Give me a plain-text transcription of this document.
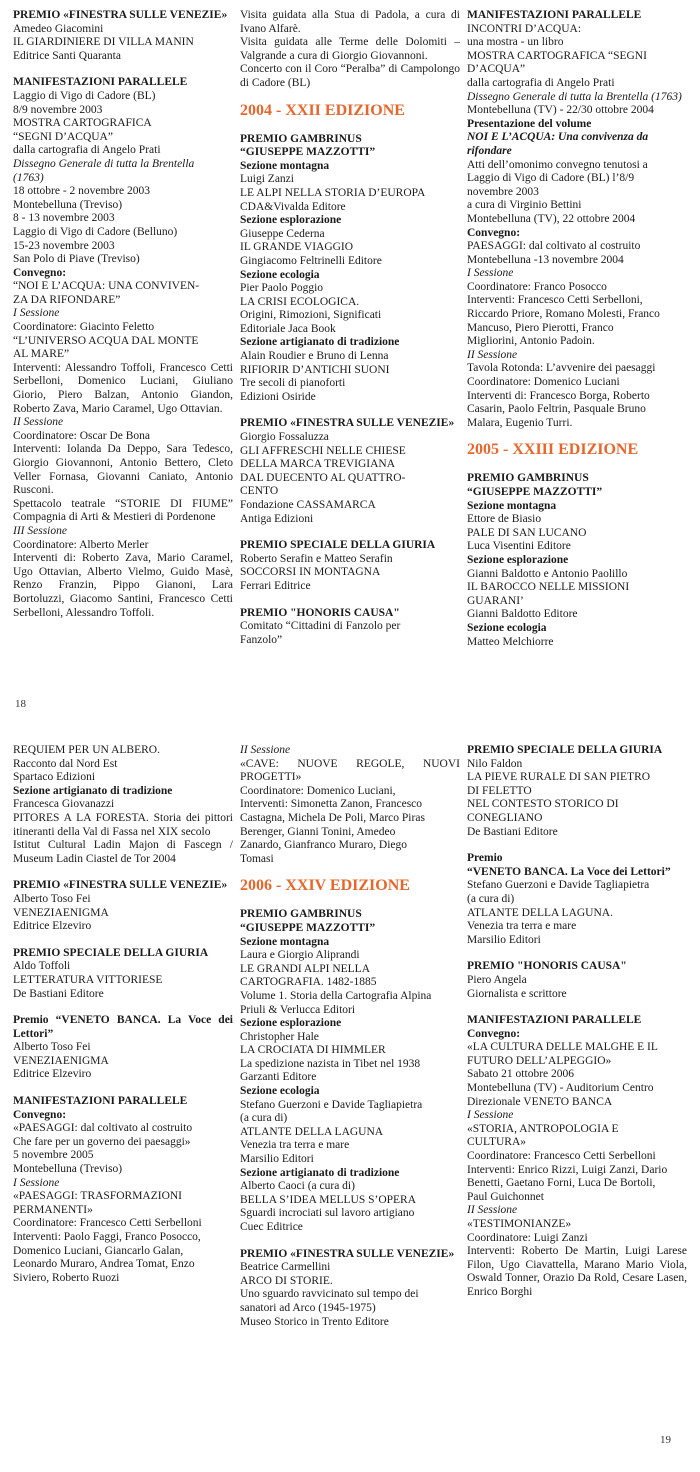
PREMIO «FINESTRA SULLE VENEZIE»
Amedeo Giacomini
IL GIARDINIERE DI VILLA MANIN
Editrice Santi Quaranta
MANIFESTAZIONI PARALLELE
Laggio di Vigo di Cadore (BL)
8/9 novembre 2003
MOSTRA CARTOGRAFICA
“SEGNI D’ACQUA”
dalla cartografia di Angelo Prati
Dissegno Generale di tutta la Brentella
(1763)
18 ottobre - 2 novembre 2003
Montebelluna (Treviso)
8 - 13 novembre 2003
Laggio di Vigo di Cadore (Belluno)
15-23 novembre 2003
San Polo di Piave (Treviso)
Convegno:
“NOI E L’ACQUA: UNA CONVIVEN-
ZA DA RIFONDARE”
I Sessione
Coordinatore: Giacinto Feletto
“L’UNIVERSO ACQUA DAL MONTE
AL MARE”
Interventi: Alessandro Toffoli, Francesco Cetti Serbelloni, Domenico Luciani, Giuliano Giorio, Piero Balzan, Antonio Giandon, Roberto Zava, Mario Caramel, Ugo Ottavian.
II Sessione
Coordinatore: Oscar De Bona
Interventi: Iolanda Da Deppo, Sara Tedesco, Giorgio Giovannoni, Antonio Bettero, Cleto Veller Fornasa, Giovanni Caniato, Antonio Rusconi.
Spettacolo teatrale “STORIE DI FIUME” Compagnia di Arti & Mestieri di Pordenone
III Sessione
Coordinatore: Alberto Merler
Interventi di: Roberto Zava, Mario Caramel, Ugo Ottavian, Alberto Vielmo, Guido Masè, Renzo Franzin, Pippo Gianoni, Lara Bortoluzzi, Giacomo Santini, Francesco Cetti Serbelloni, Alessandro Toffoli.
Visita guidata alla Stua di Padola, a cura di Ivano Alfarè.
Visita guidata alle Terme delle Dolomiti – Valgrande a cura di Giorgio Giovannoni.
Concerto con il Coro “Peralba” di Campolongo di Cadore (BL)
2004 - XXII EDIZIONE
PREMIO GAMBRINUS
“GIUSEPPE MAZZOTTI”
Sezione montagna
Luigi Zanzi
LE ALPI NELLA STORIA D’EUROPA
CDA&Vivalda Editore
Sezione esplorazione
Giuseppe Cederna
IL GRANDE VIAGGIO
Gingiacomo Feltrinelli Editore
Sezione ecologia
Pier Paolo Poggio
LA CRISI ECOLOGICA.
Origini, Rimozioni, Significati
Editoriale Jaca Book
Sezione artigianato di tradizione
Alain Roudier e Bruno di Lenna
RIFIORIR D’ANTICHI SUONI
Tre secoli di pianoforti
Edizioni Osiride
PREMIO «FINESTRA SULLE VENEZIE»
Giorgio Fossaluzza
GLI AFFRESCHI NELLE CHIESE
DELLA MARCA TREVIGIANA
DAL DUECENTO AL QUATTRO-
CENTO
Fondazione CASSAMARCA
Antiga Edizioni
PREMIO SPECIALE DELLA GIURIA
Roberto Serafin e Matteo Serafin
SOCCORSI IN MONTAGNA
Ferrari Editrice
PREMIO "HONORIS CAUSA"
Comitato “Cittadini di Fanzolo per
Fanzolo”
MANIFESTAZIONI PARALLELE
INCONTRI D’ACQUA:
una mostra - un libro
MOSTRA CARTOGRAFICA “SEGNI
D’ACQUA”
dalla cartografia di Angelo Prati
Dissegno Generale di tutta la Brentella (1763)
Montebelluna (TV) - 22/30 ottobre 2004
Presentazione del volume
NOI E L’ACQUA: Una convivenza da
rifondare
Atti dell’omonimo convegno tenutosi a
Laggio di Vigo di Cadore (BL) l’8/9
novembre 2003
a cura di Virginio Bettini
Montebelluna (TV), 22 ottobre 2004
Convegno:
PAESAGGI: dal coltivato al costruito
Montebelluna -13 novembre 2004
I Sessione
Coordinatore: Franco Posocco
Interventi: Francesco Cetti Serbelloni,
Riccardo Priore, Romano Molesti, Franco
Mancuso, Piero Pierotti, Franco
Migliorini, Antonio Padoin.
II Sessione
Tavola Rotonda: L’avvenire dei paesaggi
Coordinatore: Domenico Luciani
Interventi di: Francesco Borga, Roberto
Casarin, Paolo Feltrin, Pasquale Bruno
Malara, Eugenio Turri.
2005 - XXIII EDIZIONE
PREMIO GAMBRINUS
“GIUSEPPE MAZZOTTI”
Sezione montagna
Ettore de Biasio
PALE DI SAN LUCANO
Luca Visentini Editore
Sezione esplorazione
Gianni Baldotto e Antonio Paolillo
IL BAROCCO NELLE MISSIONI
GUARANI’
Gianni Baldotto Editore
Sezione ecologia
Matteo Melchiorre
18
REQUIEM PER UN ALBERO.
Racconto dal Nord Est
Spartaco Edizioni
Sezione artigianato di tradizione
Francesca Giovanazzi
PITORES A LA FORESTA. Storia dei pittori itineranti della Val di Fassa nel XIX secolo
Istitut Cultural Ladin Majon di Fascegn / Museum Ladin Ciastel de Tor 2004
PREMIO «FINESTRA SULLE VENEZIE»
Alberto Toso Fei
VENEZIAENIGMA
Editrice Elzeviro
PREMIO SPECIALE DELLA GIURIA
Aldo Toffoli
LETTERATURA VITTORIESE
De Bastiani Editore
Premio “VENETO BANCA. La Voce dei Lettori”
Alberto Toso Fei
VENEZIAENIGMA
Editrice Elzeviro
MANIFESTAZIONI PARALLELE
Convegno:
«PAESAGGI: dal coltivato al costruito
Che fare per un governo dei paesaggi»
5 novembre 2005
Montebelluna (Treviso)
I Sessione
«PAESAGGI: TRASFORMAZIONI
PERMANENTI»
Coordinatore: Francesco Cetti Serbelloni
Interventi: Paolo Faggi, Franco Posocco,
Domenico Luciani, Giancarlo Galan,
Leonardo Muraro, Andrea Tomat, Enzo
Siviero, Roberto Ruozi
II Sessione
«CAVE: NUOVE REGOLE, NUOVI PROGETTI»
Coordinatore: Domenico Luciani,
Interventi: Simonetta Zanon, Francesco
Castagna, Michela De Poli, Marco Piras
Berenger, Gianni Tonini, Amedeo
Zanardo, Gianfranco Muraro, Diego
Tomasi
2006 - XXIV EDIZIONE
PREMIO GAMBRINUS
“GIUSEPPE MAZZOTTI”
Sezione montagna
Laura e Giorgio Aliprandi
LE GRANDI ALPI NELLA
CARTOGRAFIA. 1482-1885
Volume 1. Storia della Cartografia Alpina
Priuli & Verlucca Editori
Sezione esplorazione
Christopher Hale
LA CROCIATA DI HIMMLER
La spedizione nazista in Tibet nel 1938
Garzanti Editore
Sezione ecologia
Stefano Guerzoni e Davide Tagliapietra
(a cura di)
ATLANTE DELLA LAGUNA
Venezia tra terra e mare
Marsilio Editori
Sezione artigianato di tradizione
Alberto Caoci (a cura di)
BELLA S’IDEA MELLUS S’OPERA
Sguardi incrociati sul lavoro artigiano
Cuec Editrice
PREMIO «FINESTRA SULLE VENEZIE»
Beatrice Carmellini
ARCO DI STORIE.
Uno sguardo ravvicinato sul tempo dei
sanatori ad Arco (1945-1975)
Museo Storico in Trento Editore
PREMIO SPECIALE DELLA GIURIA
Nilo Faldon
LA PIEVE RURALE DI SAN PIETRO
DI FELETTO
NEL CONTESTO STORICO DI
CONEGLIANO
De Bastiani Editore
Premio
“VENETO BANCA. La Voce dei Lettori”
Stefano Guerzoni e Davide Tagliapietra
(a cura di)
ATLANTE DELLA LAGUNA.
Venezia tra terra e mare
Marsilio Editori
PREMIO "HONORIS CAUSA"
Piero Angela
Giornalista e scrittore
MANIFESTAZIONI PARALLELE
Convegno:
«LA CULTURA DELLE MALGHE E IL
FUTURO DELL’ALPEGGIO»
Sabato 21 ottobre 2006
Montebelluna (TV) - Auditorium Centro
Direzionale VENETO BANCA
I Sessione
«STORIA, ANTROPOLOGIA E
CULTURA»
Coordinatore: Francesco Cetti Serbelloni
Interventi: Enrico Rizzi, Luigi Zanzi, Dario
Benetti, Gaetano Forni, Luca De Bortoli,
Paul Guichonnet
II Sessione
«TESTIMONIANZE»
Coordinatore: Luigi Zanzi
Interventi: Roberto De Martin, Luigi Larese Filon, Ugo Ciavattella, Marano Mario Viola, Oswald Tonner, Orazio Da Rold, Cesare Lasen, Enrico Borghi
19
